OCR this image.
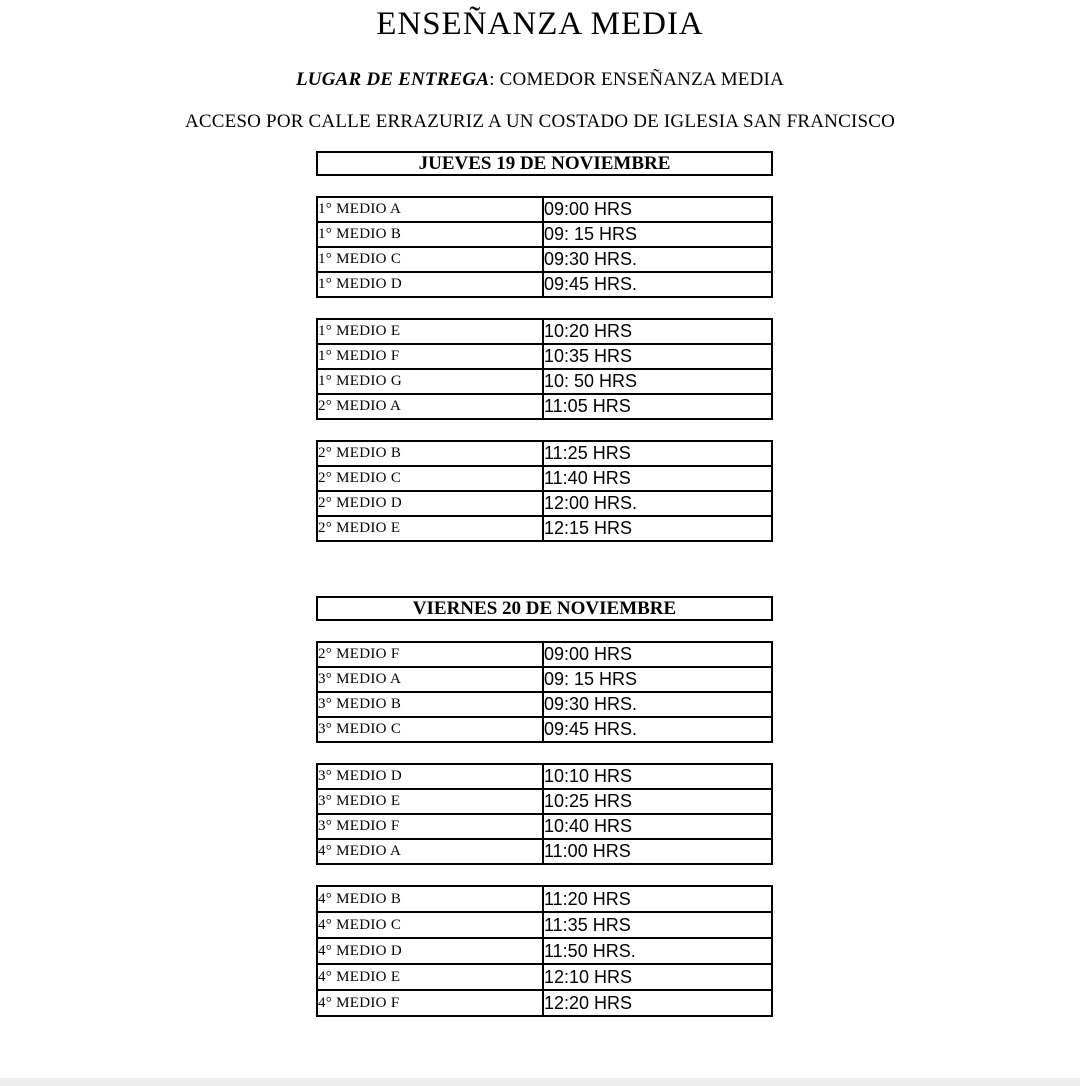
ENSEÑANZA MEDIA

LUGAR DE ENTREGA: COMEDOR ENSEÑANZA MEDIA

ACCESO POR CALLE ERRAZURIZ A UN COSTADO DE IGLESIA SAN FRANCISCO

JUEVES 19 DE NOVIEMBRE
1° MEDIO A	09:00 HRS
1° MEDIO B	09: 15 HRS
1° MEDIO C	09:30 HRS.
1° MEDIO D	09:45 HRS.
1° MEDIO E	10:20 HRS
1° MEDIO F	10:35 HRS
1° MEDIO G	10: 50 HRS
2° MEDIO A	11:05 HRS
2° MEDIO B	11:25 HRS
2° MEDIO C	11:40 HRS
2° MEDIO D	12:00 HRS.
2° MEDIO E	12:15 HRS
VIERNES 20 DE NOVIEMBRE
2° MEDIO F	09:00 HRS
3° MEDIO A	09: 15 HRS
3° MEDIO B	09:30 HRS.
3° MEDIO C	09:45 HRS.
3° MEDIO D	10:10 HRS
3° MEDIO E	10:25 HRS
3° MEDIO F	10:40 HRS
4° MEDIO A	11:00 HRS
4° MEDIO B	11:20 HRS
4° MEDIO C	11:35 HRS
4° MEDIO D	11:50 HRS.
4° MEDIO E	12:10 HRS
4° MEDIO F	12:20 HRS
